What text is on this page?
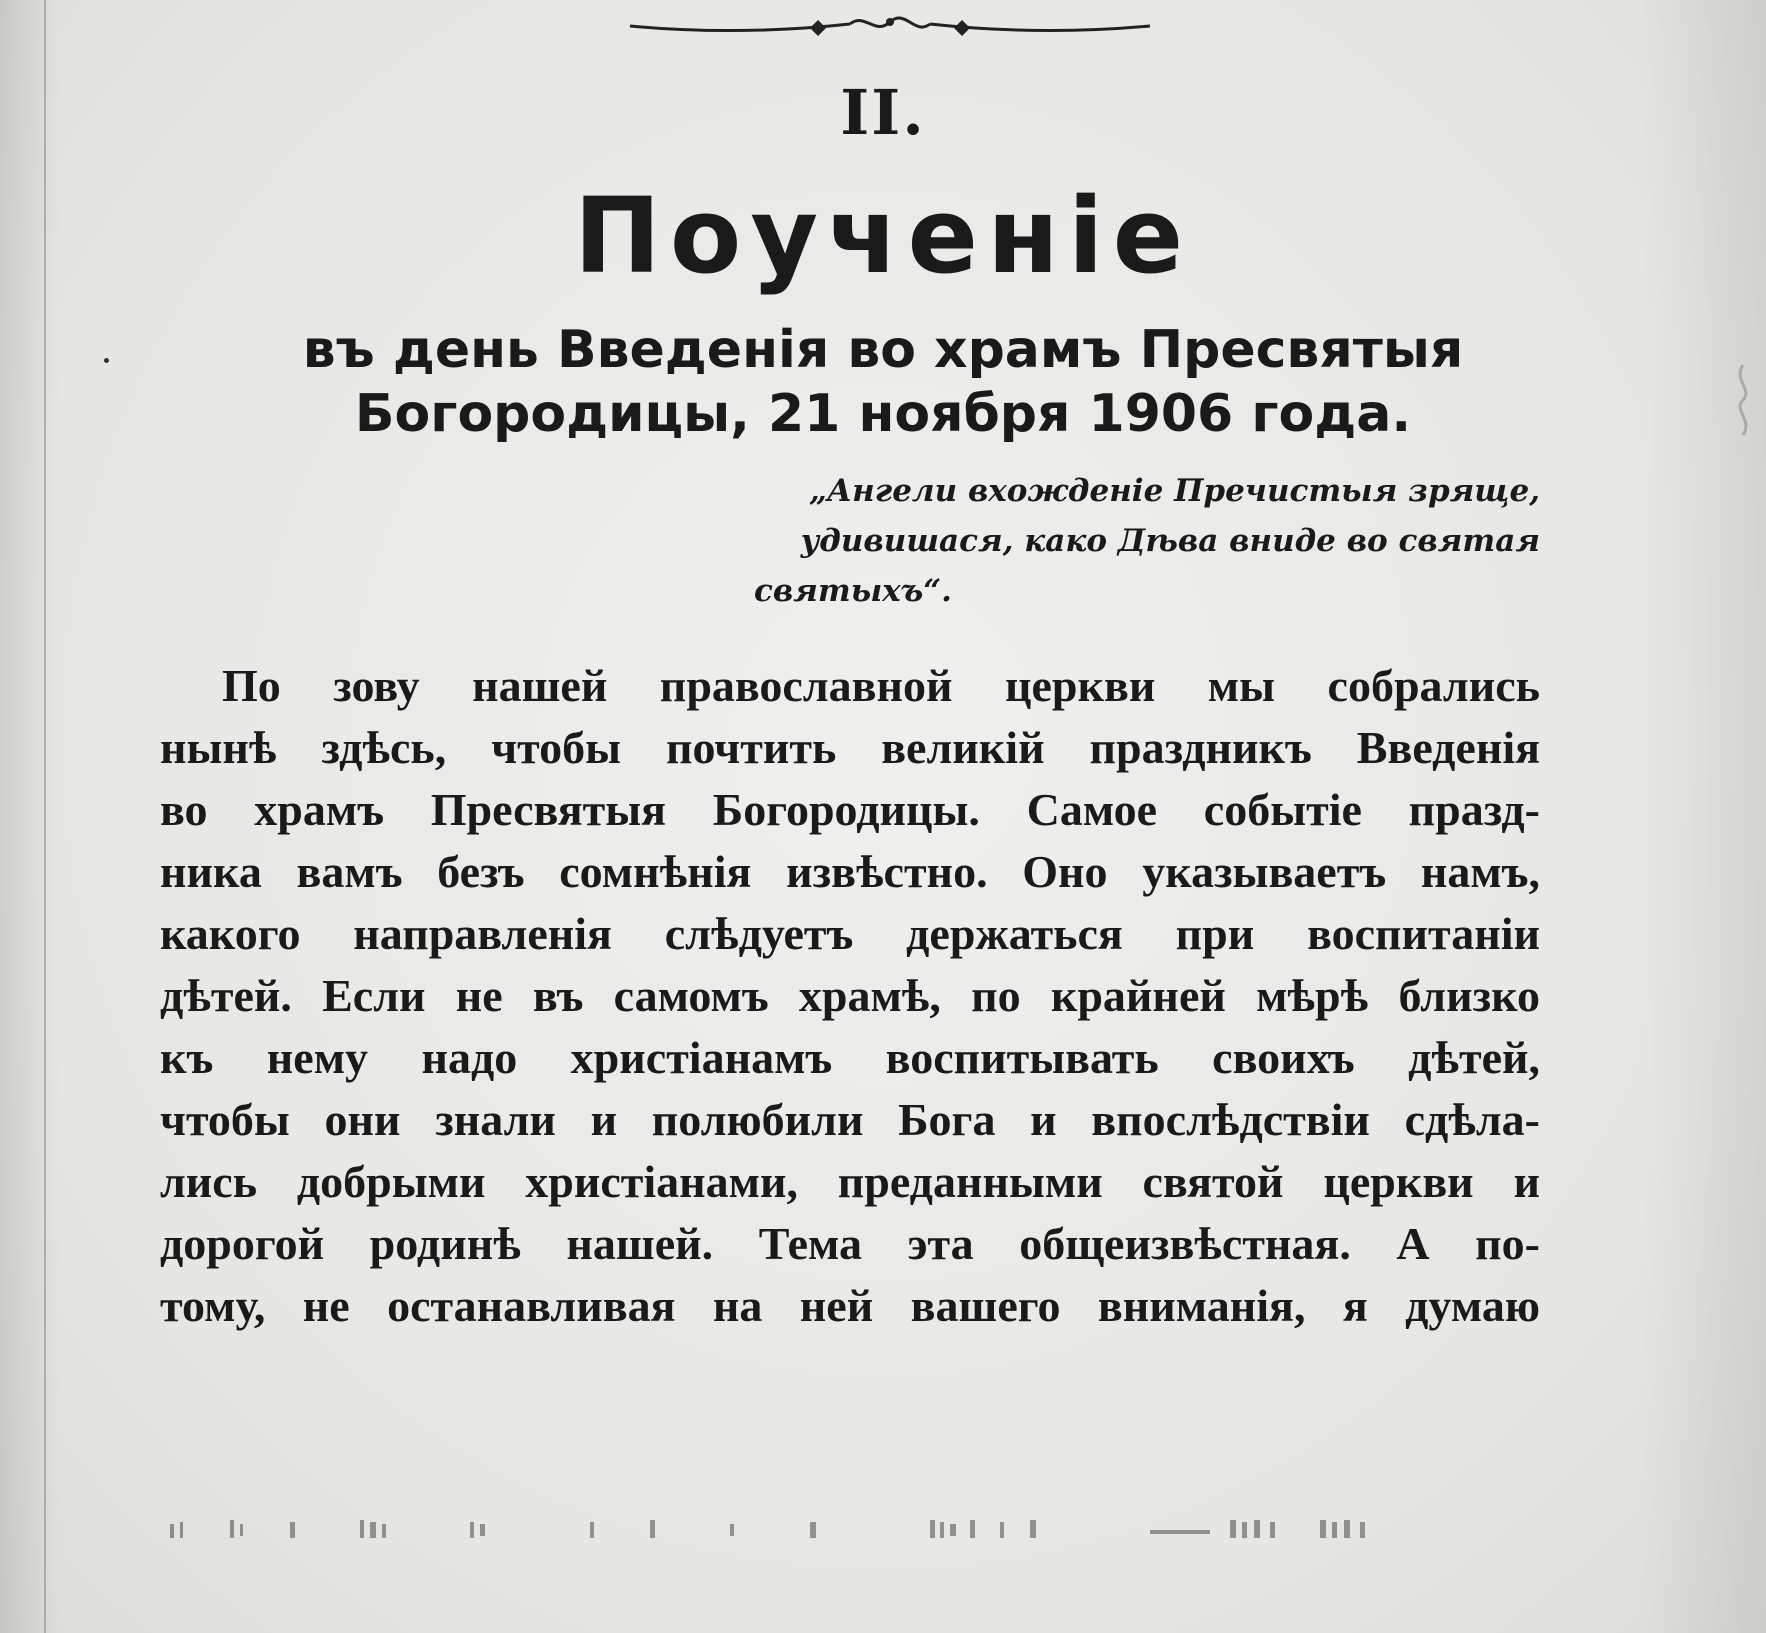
II.
Поученіе
въ день Введенія во храмъ Пресвятыя
Богородицы, 21 ноября 1906 года.
„Ангели вхожденіе Пречистыя зряще,
удивишася, како Дѣва вниде во святая
святыхъ“.
По зову нашей православной церкви мы собрались
нынѣ здѣсь, чтобы почтить великій праздникъ Введенія
во храмъ Пресвятыя Богородицы. Самое событіе празд-
ника вамъ безъ сомнѣнія извѣстно. Оно указываетъ намъ,
какого направленія слѣдуетъ держаться при воспитаніи
дѣтей. Если не въ самомъ храмѣ, по крайней мѣрѣ близко
къ нему надо христіанамъ воспитывать своихъ дѣтей,
чтобы они знали и полюбили Бога и впослѣдствіи сдѣла-
лись добрыми христіанами, преданными святой церкви и
дорогой родинѣ нашей. Тема эта общеизвѣстная. А по-
тому, не останавливая на ней вашего вниманія, я думаю
